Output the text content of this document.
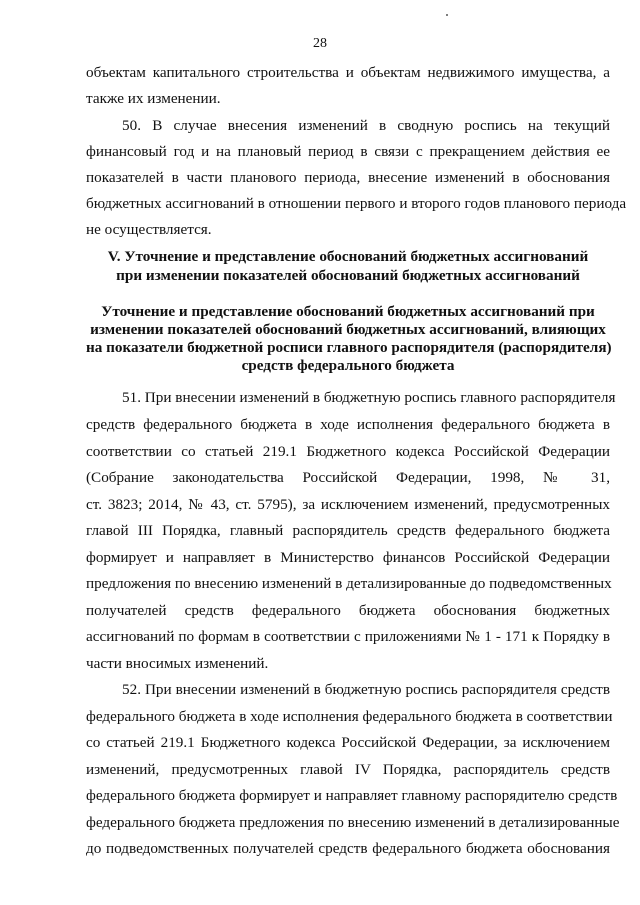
28
объектам капитального строительства и объектам недвижимого имущества, а
также их изменении.
50. В случае внесения изменений в сводную роспись на текущий
финансовый год и на плановый период в связи с прекращением действия ее
показателей в части планового периода, внесение изменений в обоснования
бюджетных ассигнований в отношении первого и второго годов планового периода
не осуществляется.
V. Уточнение и представление обоснований бюджетных ассигнований
при изменении показателей обоснований бюджетных ассигнований
Уточнение и представление обоснований бюджетных ассигнований при
изменении показателей обоснований бюджетных ассигнований, влияющих
на показатели бюджетной росписи главного распорядителя (распорядителя)
средств федерального бюджета
51. При внесении изменений в бюджетную роспись главного распорядителя
средств федерального бюджета в ходе исполнения федерального бюджета в
соответствии со статьей 219.1 Бюджетного кодекса Российской Федерации
(Собрание законодательства Российской Федерации, 1998, № 31,
ст. 3823; 2014, № 43, ст. 5795), за исключением изменений, предусмотренных
главой III Порядка, главный распорядитель средств федерального бюджета
формирует и направляет в Министерство финансов Российской Федерации
предложения по внесению изменений в детализированные до подведомственных
получателей средств федерального бюджета обоснования бюджетных
ассигнований по формам в соответствии с приложениями № 1 - 171 к Порядку в
части вносимых изменений.
52. При внесении изменений в бюджетную роспись распорядителя средств
федерального бюджета в ходе исполнения федерального бюджета в соответствии
со статьей 219.1 Бюджетного кодекса Российской Федерации, за исключением
изменений, предусмотренных главой IV Порядка, распорядитель средств
федерального бюджета формирует и направляет главному распорядителю средств
федерального бюджета предложения по внесению изменений в детализированные
до подведомственных получателей средств федерального бюджета обоснования
